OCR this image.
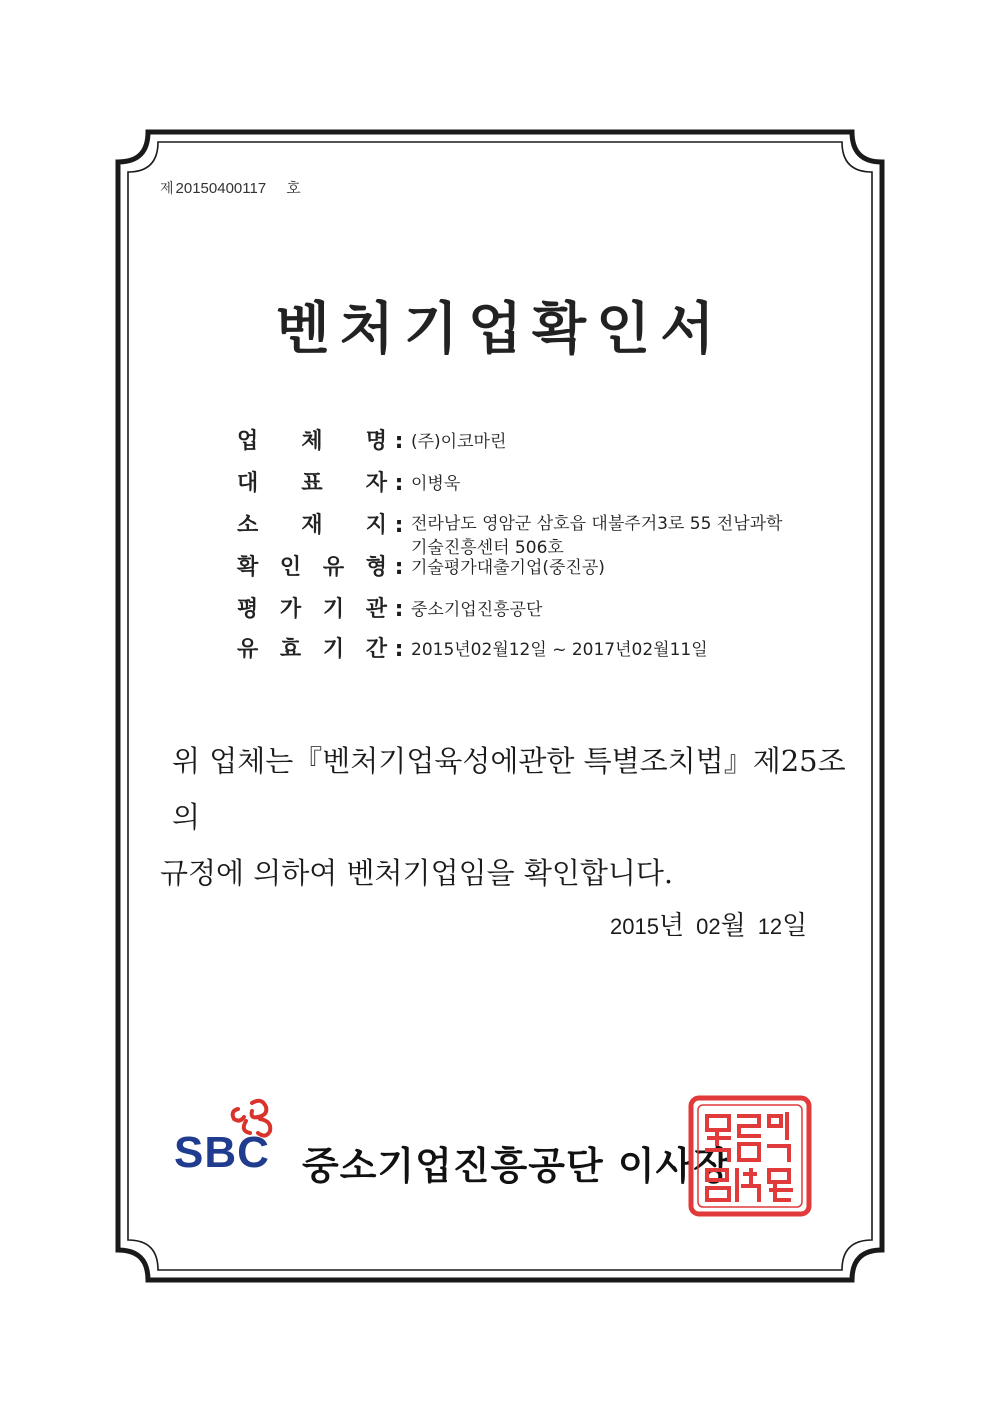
제 20150400117 호
벤처기업확인서
업 체 명 : (주)이코마린
대 표 자 : 이병욱
소 재 지 : 전라남도 영암군 삼호읍 대불주거3로 55 전남과학
기술진흥센터 506호
확 인 유 형 : 기술평가대출기업(중진공)
평 가 기 관 : 중소기업진흥공단
유 효 기 간 : 2015년02월12일 ~ 2017년02월11일
위 업체는『벤처기업육성에관한 특별조치법』제25조의
규정에 의하여 벤처기업임을 확인합니다.
2015년 02월 12일
SBC 중소기업진흥공단 이사장
